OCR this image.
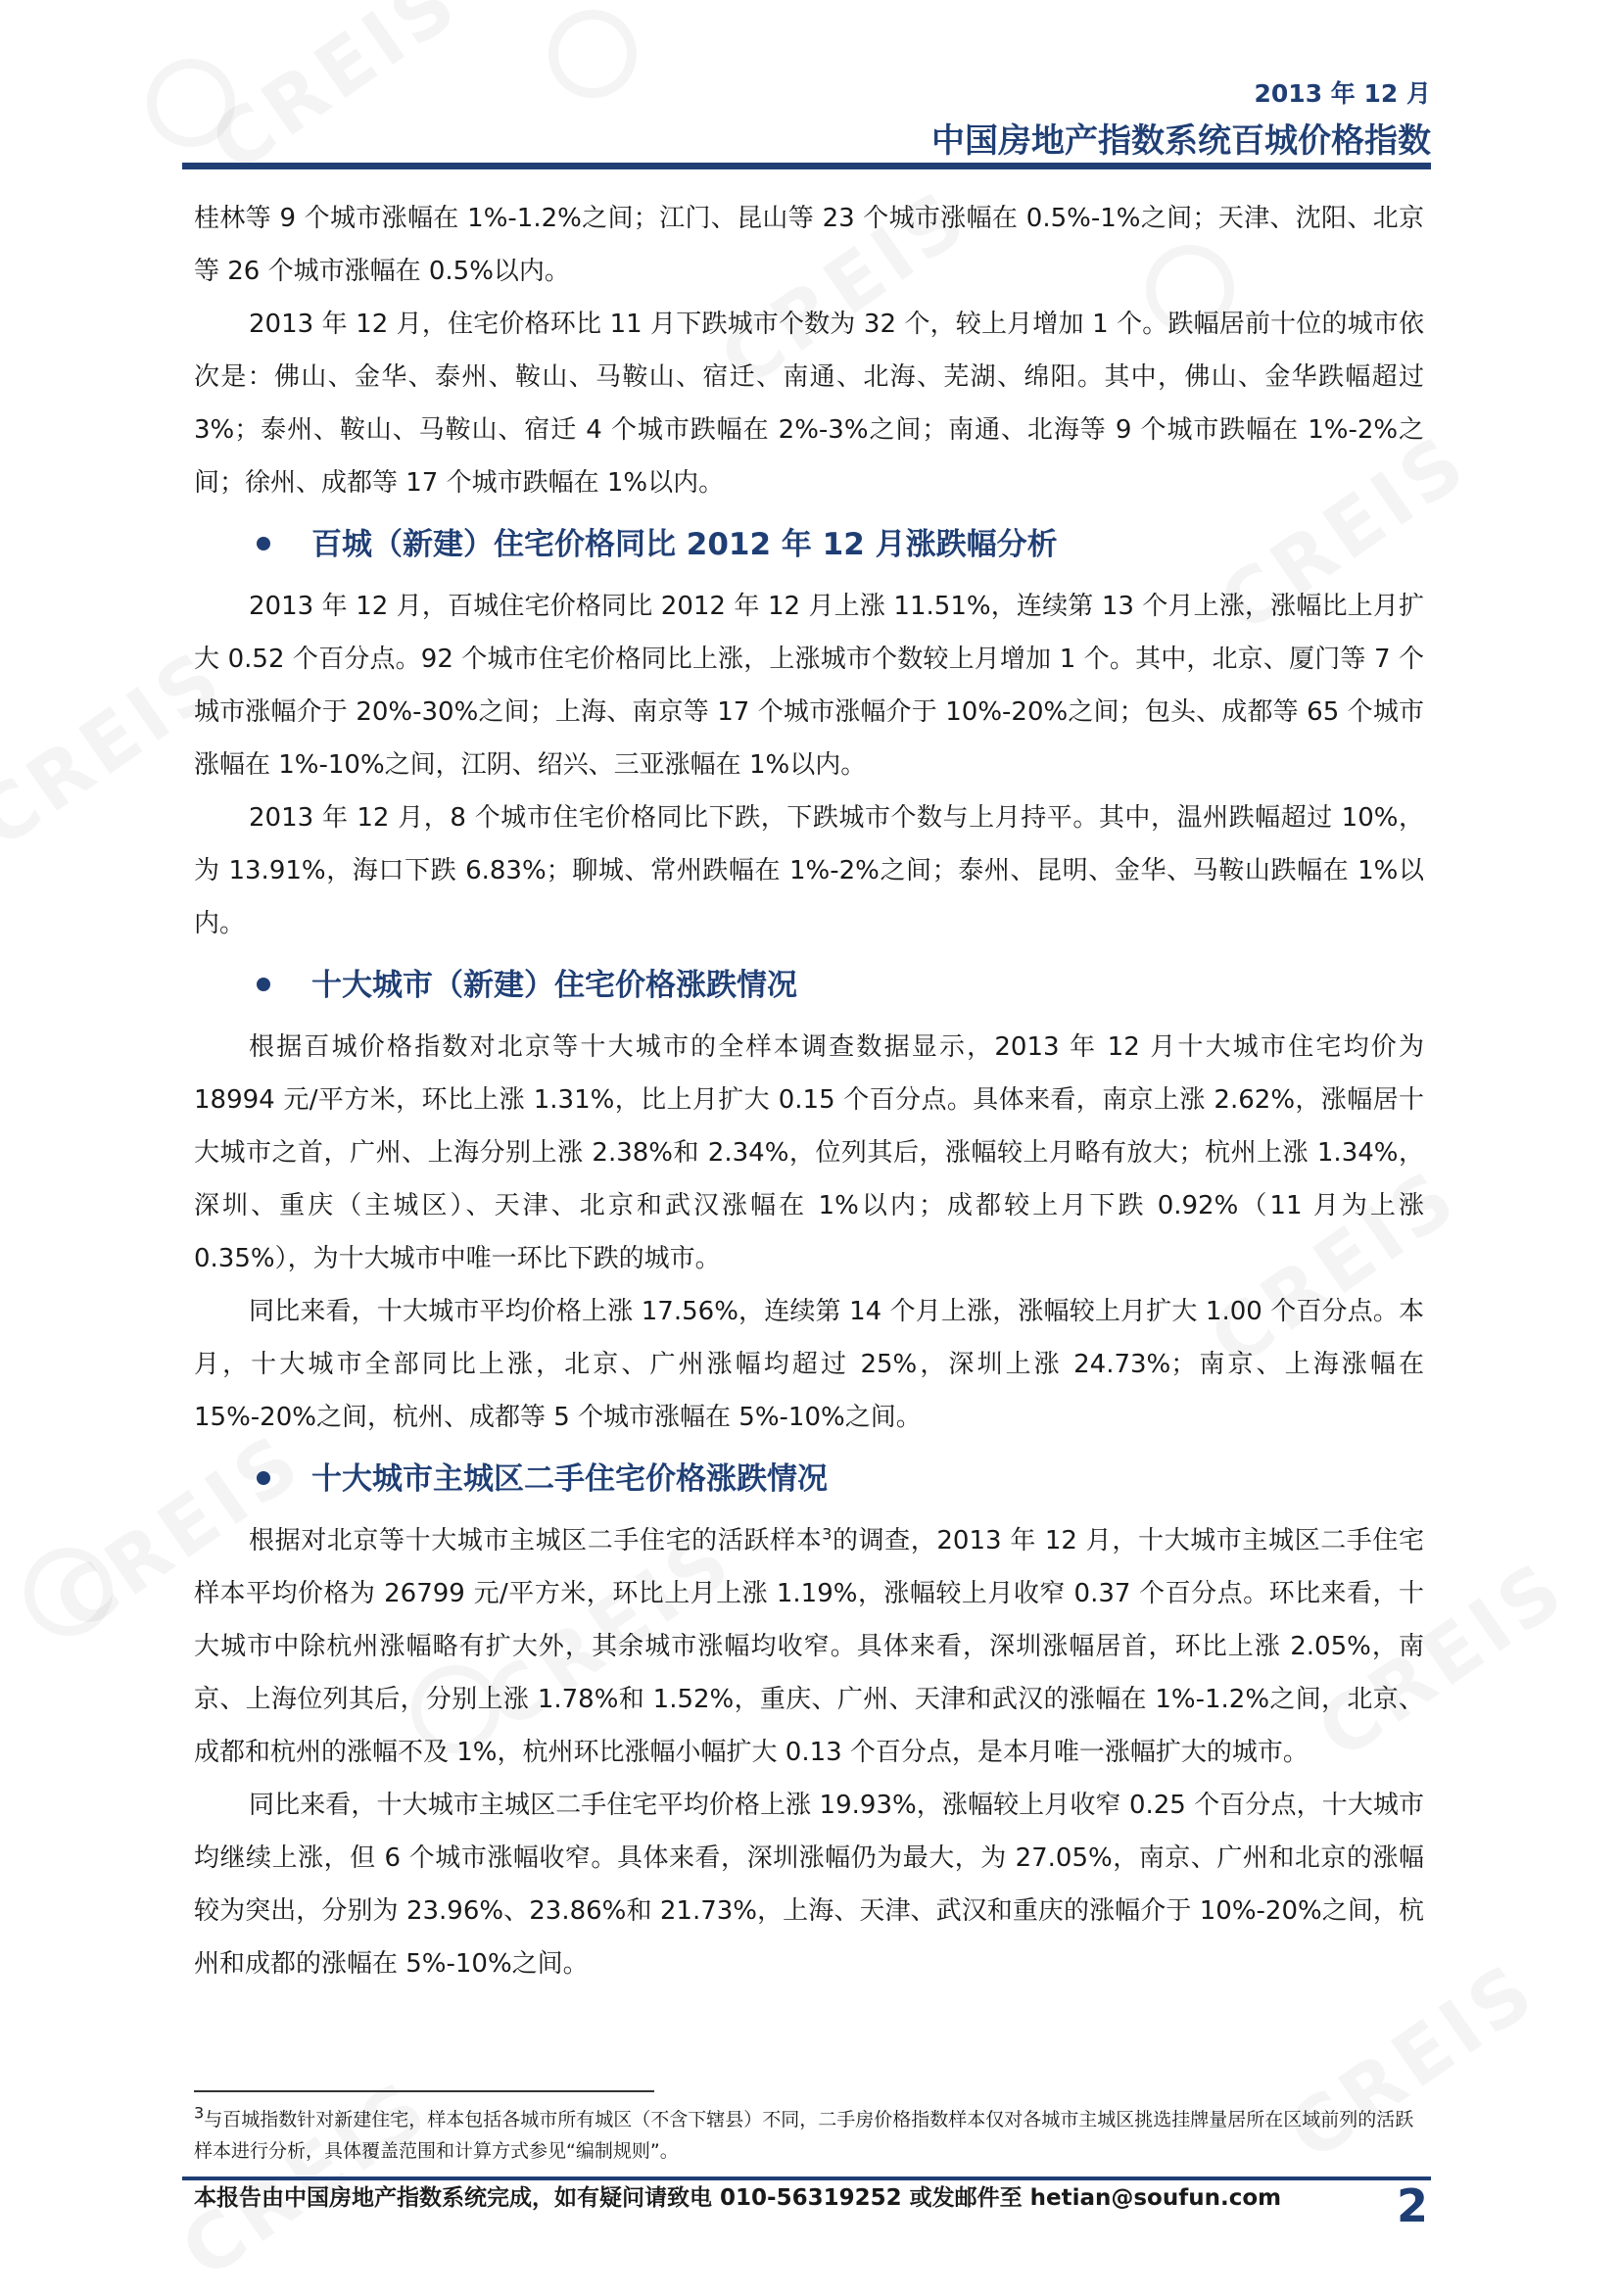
2013 年 12 月
中国房地产指数系统百城价格指数

桂林等 9 个城市涨幅在 1%-1.2%之间；江门、昆山等 23 个城市涨幅在 0.5%-1%之间；天津、沈阳、北京等 26 个城市涨幅在 0.5%以内。

2013 年 12 月，住宅价格环比 11 月下跌城市个数为 32 个，较上月增加 1 个。跌幅居前十位的城市依次是：佛山、金华、泰州、鞍山、马鞍山、宿迁、南通、北海、芜湖、绵阳。其中，佛山、金华跌幅超过 3%；泰州、鞍山、马鞍山、宿迁 4 个城市跌幅在 2%-3%之间；南通、北海等 9 个城市跌幅在 1%-2%之间；徐州、成都等 17 个城市跌幅在 1%以内。

百城（新建）住宅价格同比 2012 年 12 月涨跌幅分析

2013 年 12 月，百城住宅价格同比 2012 年 12 月上涨 11.51%，连续第 13 个月上涨，涨幅比上月扩大 0.52 个百分点。92 个城市住宅价格同比上涨，上涨城市个数较上月增加 1 个。其中，北京、厦门等 7 个城市涨幅介于 20%-30%之间；上海、南京等 17 个城市涨幅介于 10%-20%之间；包头、成都等 65 个城市涨幅在 1%-10%之间，江阴、绍兴、三亚涨幅在 1%以内。

2013 年 12 月，8 个城市住宅价格同比下跌，下跌城市个数与上月持平。其中，温州跌幅超过 10%，为 13.91%，海口下跌 6.83%；聊城、常州跌幅在 1%-2%之间；泰州、昆明、金华、马鞍山跌幅在 1%以内。

十大城市（新建）住宅价格涨跌情况

根据百城价格指数对北京等十大城市的全样本调查数据显示，2013 年 12 月十大城市住宅均价为 18994 元/平方米，环比上涨 1.31%，比上月扩大 0.15 个百分点。具体来看，南京上涨 2.62%，涨幅居十大城市之首，广州、上海分别上涨 2.38%和 2.34%，位列其后，涨幅较上月略有放大；杭州上涨 1.34%，深圳、重庆（主城区）、天津、北京和武汉涨幅在 1%以内；成都较上月下跌 0.92%（11 月为上涨 0.35%），为十大城市中唯一环比下跌的城市。

同比来看，十大城市平均价格上涨 17.56%，连续第 14 个月上涨，涨幅较上月扩大 1.00 个百分点。本月，十大城市全部同比上涨，北京、广州涨幅均超过 25%，深圳上涨 24.73%；南京、上海涨幅在 15%-20%之间，杭州、成都等 5 个城市涨幅在 5%-10%之间。

十大城市主城区二手住宅价格涨跌情况

根据对北京等十大城市主城区二手住宅的活跃样本$^3$的调查，2013 年 12 月，十大城市主城区二手住宅样本平均价格为 26799 元/平方米，环比上月上涨 1.19%，涨幅较上月收窄 0.37 个百分点。环比来看，十大城市中除杭州涨幅略有扩大外，其余城市涨幅均收窄。具体来看，深圳涨幅居首，环比上涨 2.05%，南京、上海位列其后，分别上涨 1.78%和 1.52%，重庆、广州、天津和武汉的涨幅在 1%-1.2%之间，北京、成都和杭州的涨幅不及 1%，杭州环比涨幅小幅扩大 0.13 个百分点，是本月唯一涨幅扩大的城市。

同比来看，十大城市主城区二手住宅平均价格上涨 19.93%，涨幅较上月收窄 0.25 个百分点，十大城市均继续上涨，但 6 个城市涨幅收窄。具体来看，深圳涨幅仍为最大，为 27.05%，南京、广州和北京的涨幅较为突出，分别为 23.96%、23.86%和 21.73%，上海、天津、武汉和重庆的涨幅介于 10%-20%之间，杭州和成都的涨幅在 5%-10%之间。

$^3$与百城指数针对新建住宅，样本包括各城市所有城区（不含下辖县）不同，二手房价格指数样本仅对各城市主城区挑选挂牌量居所在区域前列的活跃样本进行分析，具体覆盖范围和计算方式参见“编制规则”。
本报告由中国房地产指数系统完成，如有疑问请致电 010-56319252 或发邮件至 hetian@soufun.com	2
